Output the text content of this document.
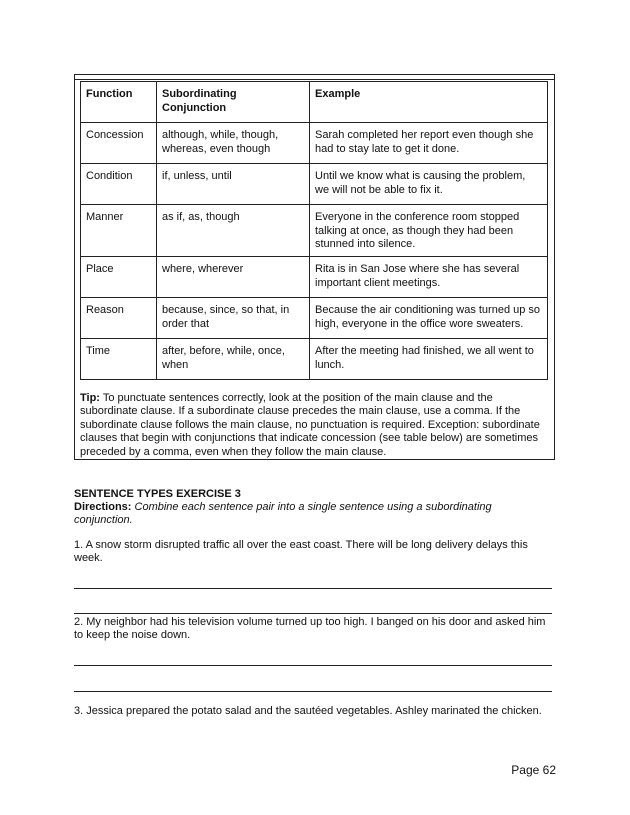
Function	Subordinating Conjunction	Example
Concession	although, while, though, whereas, even though	Sarah completed her report even though she had to stay late to get it done.
Condition	if, unless, until	Until we know what is causing the problem, we will not be able to fix it.
Manner	as if, as, though	Everyone in the conference room stopped talking at once, as though they had been stunned into silence.
Place	where, wherever	Rita is in San Jose where she has several important client meetings.
Reason	because, since, so that, in order that	Because the air conditioning was turned up so high, everyone in the office wore sweaters.
Time	after, before, while, once, when	After the meeting had finished, we all went to lunch.
Tip: To punctuate sentences correctly, look at the position of the main clause and the subordinate clause. If a subordinate clause precedes the main clause, use a comma. If the subordinate clause follows the main clause, no punctuation is required. Exception: subordinate clauses that begin with conjunctions that indicate concession (see table below) are sometimes preceded by a comma, even when they follow the main clause.
SENTENCE TYPES EXERCISE 3
Directions: Combine each sentence pair into a single sentence using a subordinating conjunction.
1. A snow storm disrupted traffic all over the east coast. There will be long delivery delays this week.
2. My neighbor had his television volume turned up too high. I banged on his door and asked him to keep the noise down.
3. Jessica prepared the potato salad and the sautéed vegetables. Ashley marinated the chicken.
Page 62
